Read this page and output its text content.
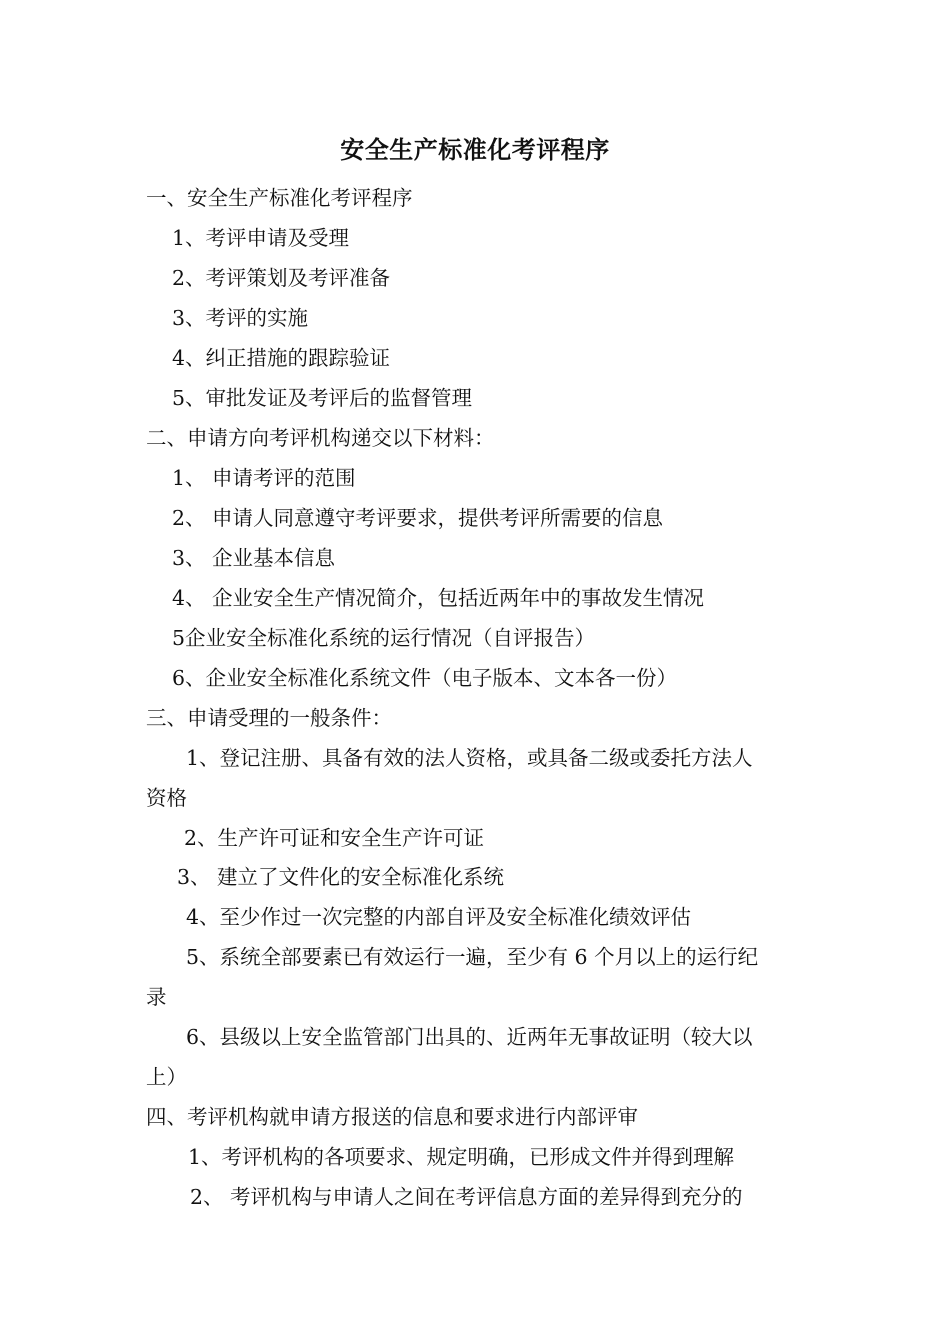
安全生产标准化考评程序
一、安全生产标准化考评程序
1、考评申请及受理
2、考评策划及考评准备
3、考评的实施
4、纠正措施的跟踪验证
5、审批发证及考评后的监督管理
二、申请方向考评机构递交以下材料：
1、 申请考评的范围
2、 申请人同意遵守考评要求，提供考评所需要的信息
3、 企业基本信息
4、 企业安全生产情况简介，包括近两年中的事故发生情况
5企业安全标准化系统的运行情况（自评报告）
6、企业安全标准化系统文件（电子版本、文本各一份）
三、申请受理的一般条件：
1、登记注册、具备有效的法人资格，或具备二级或委托方法人
资格
2、生产许可证和安全生产许可证
3、 建立了文件化的安全标准化系统
4、至少作过一次完整的内部自评及安全标准化绩效评估
5、系统全部要素已有效运行一遍，至少有 6 个月以上的运行纪
录
6、县级以上安全监管部门出具的、近两年无事故证明（较大以
上）
四、考评机构就申请方报送的信息和要求进行内部评审
1、考评机构的各项要求、规定明确，已形成文件并得到理解
2、 考评机构与申请人之间在考评信息方面的差异得到充分的
